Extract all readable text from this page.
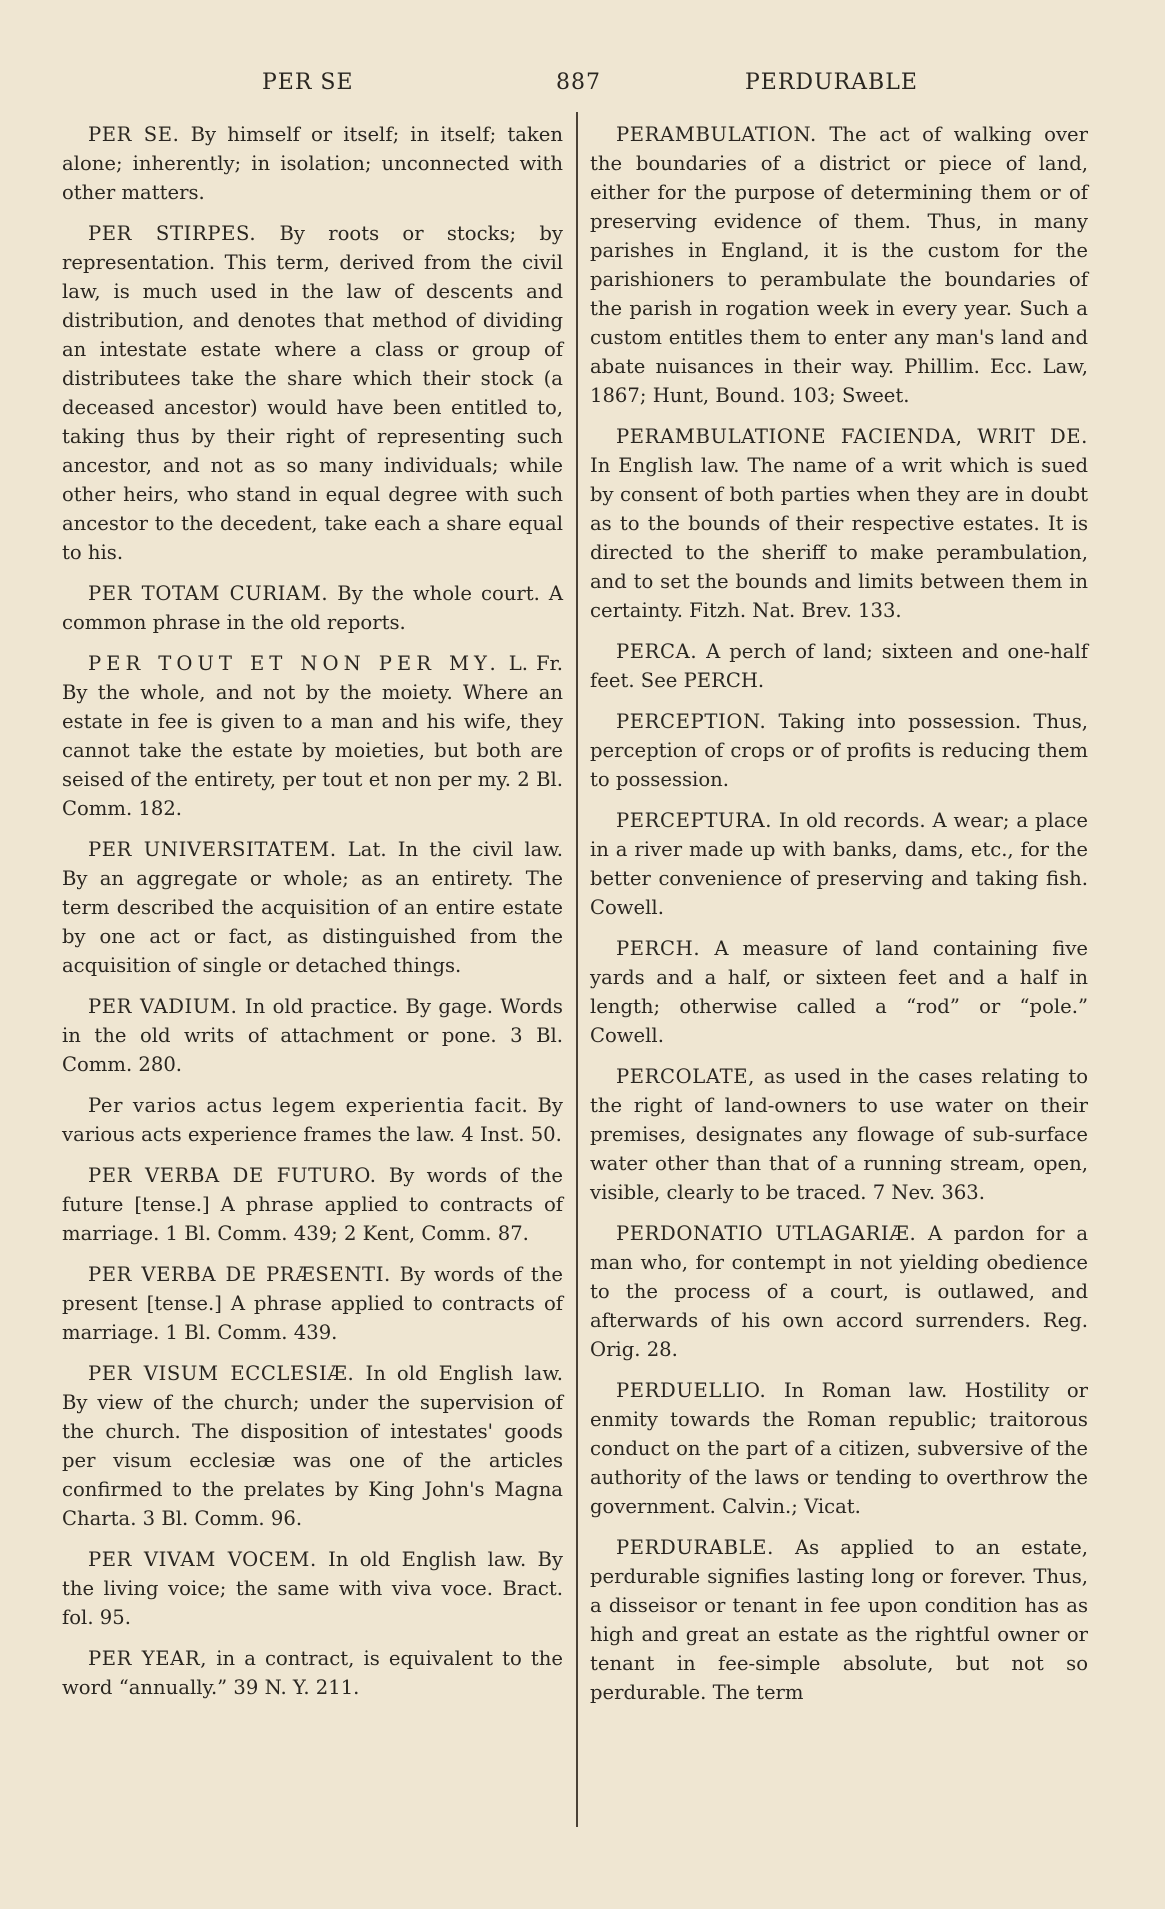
PER SE	887	PERDURABLE

PER SE. By himself or itself; in itself; taken alone; inherently; in isolation; unconnected with other matters.

PER STIRPES. By roots or stocks; by representation. This term, derived from the civil law, is much used in the law of descents and distribution, and denotes that method of dividing an intestate estate where a class or group of distributees take the share which their stock (a deceased ancestor) would have been entitled to, taking thus by their right of representing such ancestor, and not as so many individuals; while other heirs, who stand in equal degree with such ancestor to the decedent, take each a share equal to his.

PER TOTAM CURIAM. By the whole court. A common phrase in the old reports.

PER TOUT ET NON PER MY. L. Fr. By the whole, and not by the moiety. Where an estate in fee is given to a man and his wife, they cannot take the estate by moieties, but both are seised of the entirety, per tout et non per my. 2 Bl. Comm. 182.

PER UNIVERSITATEM. Lat. In the civil law. By an aggregate or whole; as an entirety. The term described the acquisition of an entire estate by one act or fact, as distinguished from the acquisition of single or detached things.

PER VADIUM. In old practice. By gage. Words in the old writs of attachment or pone. 3 Bl. Comm. 280.

Per varios actus legem experientia facit. By various acts experience frames the law. 4 Inst. 50.

PER VERBA DE FUTURO. By words of the future [tense.] A phrase applied to contracts of marriage. 1 Bl. Comm. 439; 2 Kent, Comm. 87.

PER VERBA DE PRÆSENTI. By words of the present [tense.] A phrase applied to contracts of marriage. 1 Bl. Comm. 439.

PER VISUM ECCLESIÆ. In old English law. By view of the church; under the supervision of the church. The disposition of intestates' goods per visum ecclesiæ was one of the articles confirmed to the prelates by King John's Magna Charta. 3 Bl. Comm. 96.

PER VIVAM VOCEM. In old English law. By the living voice; the same with viva voce. Bract. fol. 95.

PER YEAR, in a contract, is equivalent to the word “annually.” 39 N. Y. 211.

PERAMBULATION. The act of walking over the boundaries of a district or piece of land, either for the purpose of determining them or of preserving evidence of them. Thus, in many parishes in England, it is the custom for the parishioners to perambulate the boundaries of the parish in rogation week in every year. Such a custom entitles them to enter any man's land and abate nuisances in their way. Phillim. Ecc. Law, 1867; Hunt, Bound. 103; Sweet.

PERAMBULATIONE FACIENDA, WRIT DE. In English law. The name of a writ which is sued by consent of both parties when they are in doubt as to the bounds of their respective estates. It is directed to the sheriff to make perambulation, and to set the bounds and limits between them in certainty. Fitzh. Nat. Brev. 133.

PERCA. A perch of land; sixteen and one-half feet. See PERCH.

PERCEPTION. Taking into possession. Thus, perception of crops or of profits is reducing them to possession.

PERCEPTURA. In old records. A wear; a place in a river made up with banks, dams, etc., for the better convenience of preserving and taking fish. Cowell.

PERCH. A measure of land containing five yards and a half, or sixteen feet and a half in length; otherwise called a “rod” or “pole.” Cowell.

PERCOLATE, as used in the cases relating to the right of land-owners to use water on their premises, designates any flowage of sub-surface water other than that of a running stream, open, visible, clearly to be traced. 7 Nev. 363.

PERDONATIO UTLAGARIÆ. A pardon for a man who, for contempt in not yielding obedience to the process of a court, is outlawed, and afterwards of his own accord surrenders. Reg. Orig. 28.

PERDUELLIO. In Roman law. Hostility or enmity towards the Roman republic; traitorous conduct on the part of a citizen, subversive of the authority of the laws or tending to overthrow the government. Calvin.; Vicat.

PERDURABLE. As applied to an estate, perdurable signifies lasting long or forever. Thus, a disseisor or tenant in fee upon condition has as high and great an estate as the rightful owner or tenant in fee-simple absolute, but not so perdurable. The term
